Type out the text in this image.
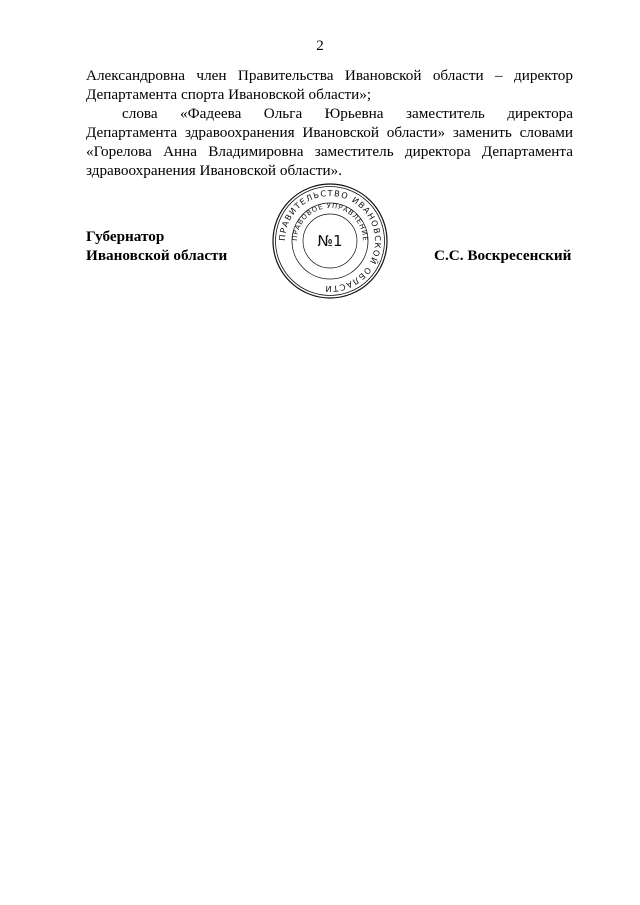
2

Александровна член Правительства Ивановской области – директор Департамента спорта Ивановской области»;

слова «Фадеева Ольга Юрьевна заместитель директора Департамента здравоохранения Ивановской области» заменить словами «Горелова Анна Владимировна заместитель директора Департамента здравоохранения Ивановской области».

Губернатор
Ивановской области
ПРАВИТЕЛЬСТВО ИВАНОВСКОЙ ОБЛАСТИ
ПРАВОВОЕ УПРАВЛЕНИЕ
№1
С.С. Воскресенский
